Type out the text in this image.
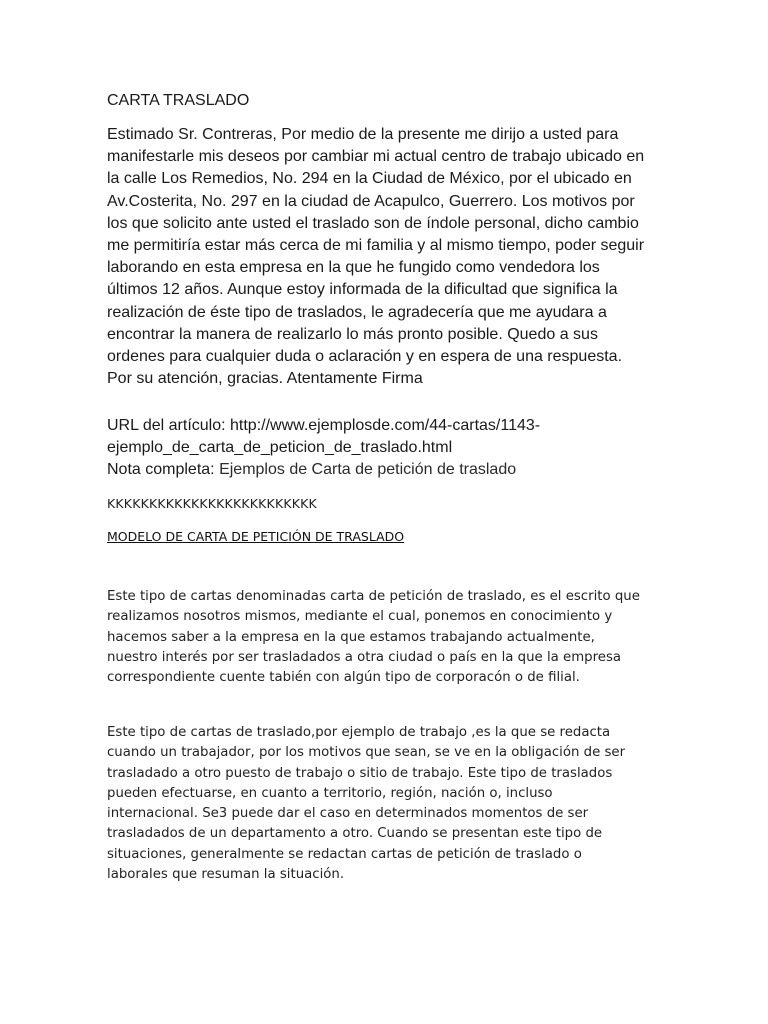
CARTA TRASLADO

Estimado Sr. Contreras, Por medio de la presente me dirijo a usted para
manifestarle mis deseos por cambiar mi actual centro de trabajo ubicado en
la calle Los Remedios, No. 294 en la Ciudad de México, por el ubicado en
Av.Costerita, No. 297 en la ciudad de Acapulco, Guerrero. Los motivos por
los que solicito ante usted el traslado son de índole personal, dicho cambio
me permitiría estar más cerca de mi familia y al mismo tiempo, poder seguir
laborando en esta empresa en la que he fungido como vendedora los
últimos 12 años. Aunque estoy informada de la dificultad que significa la
realización de éste tipo de traslados, le agradecería que me ayudara a
encontrar la manera de realizarlo lo más pronto posible. Quedo a sus
ordenes para cualquier duda o aclaración y en espera de una respuesta.
Por su atención, gracias. Atentamente Firma

URL del artículo: http://www.ejemplosde.com/44-cartas/1143-
ejemplo_de_carta_de_peticion_de_traslado.html

Nota completa: Ejemplos de Carta de petición de traslado
KKKKKKKKKKKKKKKKKKKKKKKKK
MODELO DE CARTA DE PETICIÓN DE TRASLADO

Este tipo de cartas denominadas carta de petición de traslado, es el escrito que
realizamos nosotros mismos, mediante el cual, ponemos en conocimiento y
hacemos saber a la empresa en la que estamos trabajando actualmente,
nuestro interés por ser trasladados a otra ciudad o país en la que la empresa
correspondiente cuente tabién con algún tipo de corporacón o de filial.

Este tipo de cartas de traslado,por ejemplo de trabajo ,es la que se redacta
cuando un trabajador, por los motivos que sean, se ve en la obligación de ser
trasladado a otro puesto de trabajo o sitio de trabajo. Este tipo de traslados
pueden efectuarse, en cuanto a territorio, región, nación o, incluso
internacional. Se3 puede dar el caso en determinados momentos de ser
trasladados de un departamento a otro. Cuando se presentan este tipo de
situaciones, generalmente se redactan cartas de petición de traslado o
laborales que resuman la situación.
